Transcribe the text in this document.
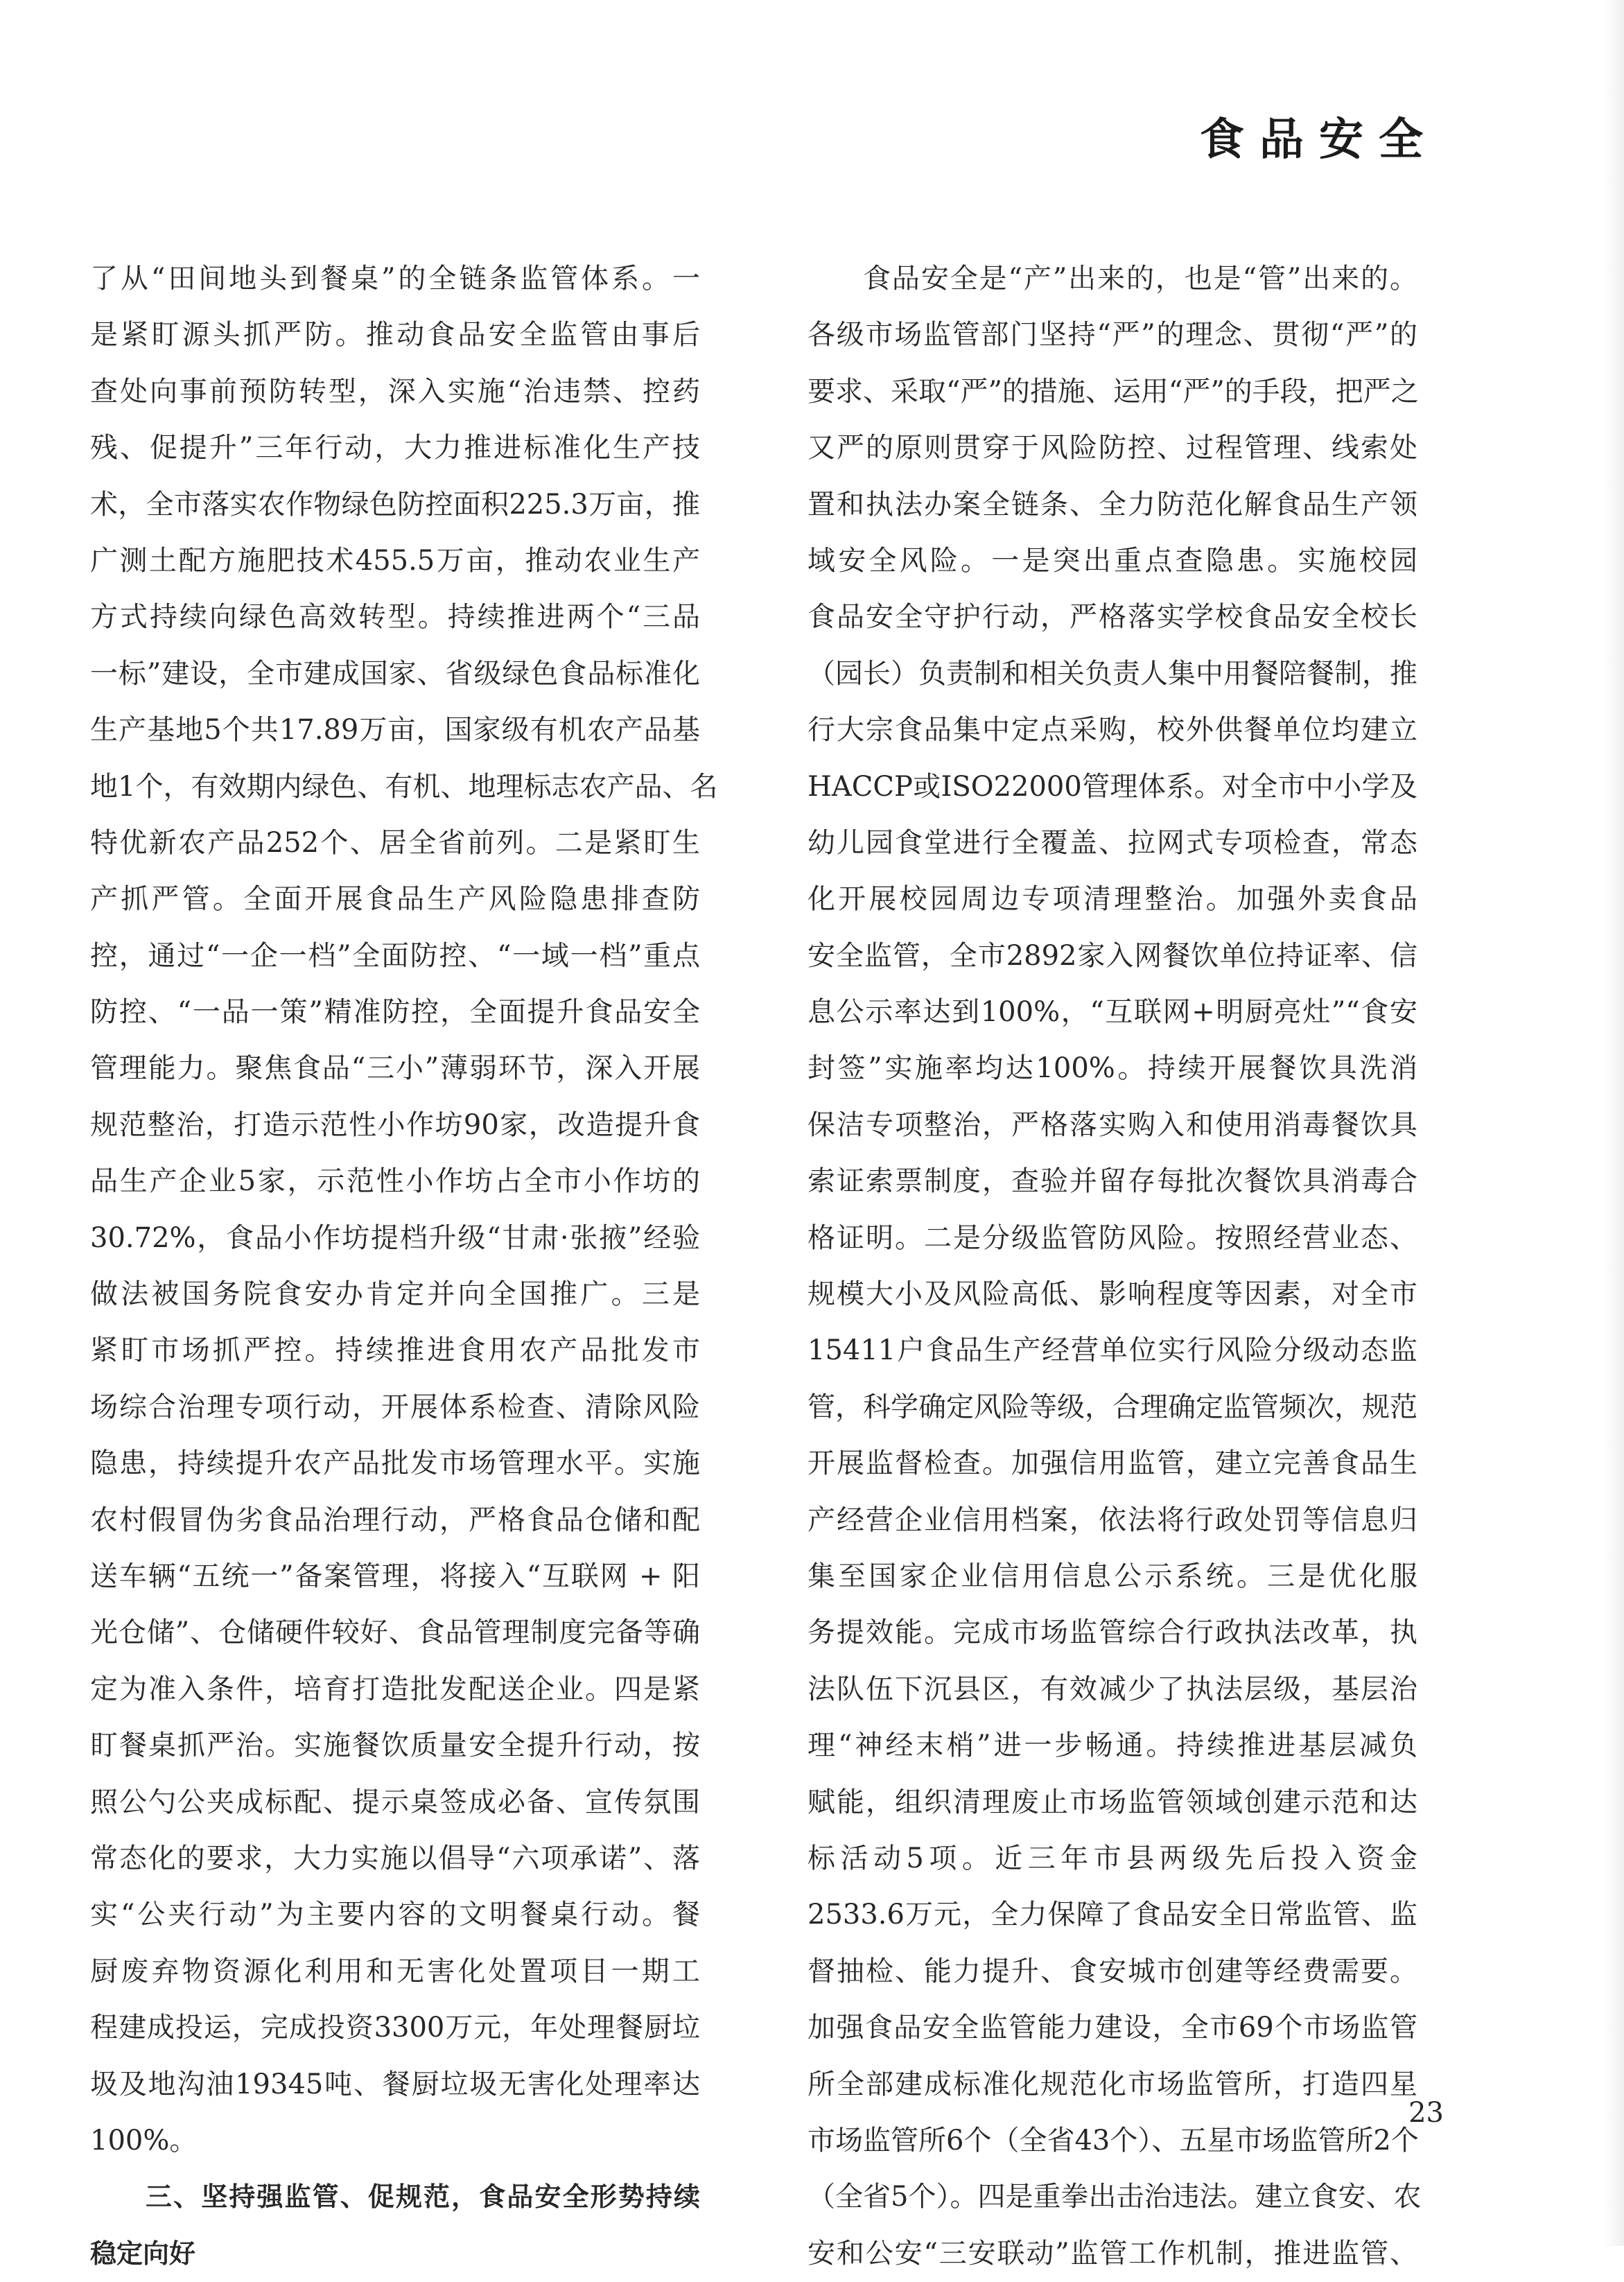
食品安全
了从“田间地头到餐桌”的全链条监管体系。一
是紧盯源头抓严防。推动食品安全监管由事后
查处向事前预防转型，深入实施“治违禁、控药
残、促提升”三年行动，大力推进标准化生产技
术，全市落实农作物绿色防控面积225.3万亩，推
广测土配方施肥技术455.5万亩，推动农业生产
方式持续向绿色高效转型。持续推进两个“三品
一标”建设，全市建成国家、省级绿色食品标准化
生产基地5个共17.89万亩，国家级有机农产品基
地1个，有效期内绿色、有机、地理标志农产品、名
特优新农产品252个、居全省前列。二是紧盯生
产抓严管。全面开展食品生产风险隐患排查防
控，通过“一企一档”全面防控、“一域一档”重点
防控、“一品一策”精准防控，全面提升食品安全
管理能力。聚焦食品“三小”薄弱环节，深入开展
规范整治，打造示范性小作坊90家，改造提升食
品生产企业5家，示范性小作坊占全市小作坊的
30.72%，食品小作坊提档升级“甘肃·张掖”经验
做法被国务院食安办肯定并向全国推广。三是
紧盯市场抓严控。持续推进食用农产品批发市
场综合治理专项行动，开展体系检查、清除风险
隐患，持续提升农产品批发市场管理水平。实施
农村假冒伪劣食品治理行动，严格食品仓储和配
送车辆“五统一”备案管理，将接入“互联网 + 阳
光仓储”、仓储硬件较好、食品管理制度完备等确
定为准入条件，培育打造批发配送企业。四是紧
盯餐桌抓严治。实施餐饮质量安全提升行动，按
照公勺公夹成标配、提示桌签成必备、宣传氛围
常态化的要求，大力实施以倡导“六项承诺”、落
实“公夹行动”为主要内容的文明餐桌行动。餐
厨废弃物资源化利用和无害化处置项目一期工
程建成投运，完成投资3300万元，年处理餐厨垃
圾及地沟油19345吨、餐厨垃圾无害化处理率达
100%。
三、坚持强监管、促规范，食品安全形势持续
稳定向好
食品安全是“产”出来的，也是“管”出来的。
各级市场监管部门坚持“严”的理念、贯彻“严”的
要求、采取“严”的措施、运用“严”的手段，把严之
又严的原则贯穿于风险防控、过程管理、线索处
置和执法办案全链条、全力防范化解食品生产领
域安全风险。一是突出重点查隐患。实施校园
食品安全守护行动，严格落实学校食品安全校长
（园长）负责制和相关负责人集中用餐陪餐制，推
行大宗食品集中定点采购，校外供餐单位均建立
HACCP或ISO22000管理体系。对全市中小学及
幼儿园食堂进行全覆盖、拉网式专项检查，常态
化开展校园周边专项清理整治。加强外卖食品
安全监管，全市2892家入网餐饮单位持证率、信
息公示率达到100%，“互联网+明厨亮灶”“食安
封签”实施率均达100%。持续开展餐饮具洗消
保洁专项整治，严格落实购入和使用消毒餐饮具
索证索票制度，查验并留存每批次餐饮具消毒合
格证明。二是分级监管防风险。按照经营业态、
规模大小及风险高低、影响程度等因素，对全市
15411户食品生产经营单位实行风险分级动态监
管，科学确定风险等级，合理确定监管频次，规范
开展监督检查。加强信用监管，建立完善食品生
产经营企业信用档案，依法将行政处罚等信息归
集至国家企业信用信息公示系统。三是优化服
务提效能。完成市场监管综合行政执法改革，执
法队伍下沉县区，有效减少了执法层级，基层治
理“神经末梢”进一步畅通。持续推进基层减负
赋能，组织清理废止市场监管领域创建示范和达
标活动5项。近三年市县两级先后投入资金
2533.6万元，全力保障了食品安全日常监管、监
督抽检、能力提升、食安城市创建等经费需要。
加强食品安全监管能力建设，全市69个市场监管
所全部建成标准化规范化市场监管所，打造四星
市场监管所6个（全省43个）、五星市场监管所2个
（全省5个）。四是重拳出击治违法。建立食安、农
安和公安“三安联动”监管工作机制，推进监管、
23
